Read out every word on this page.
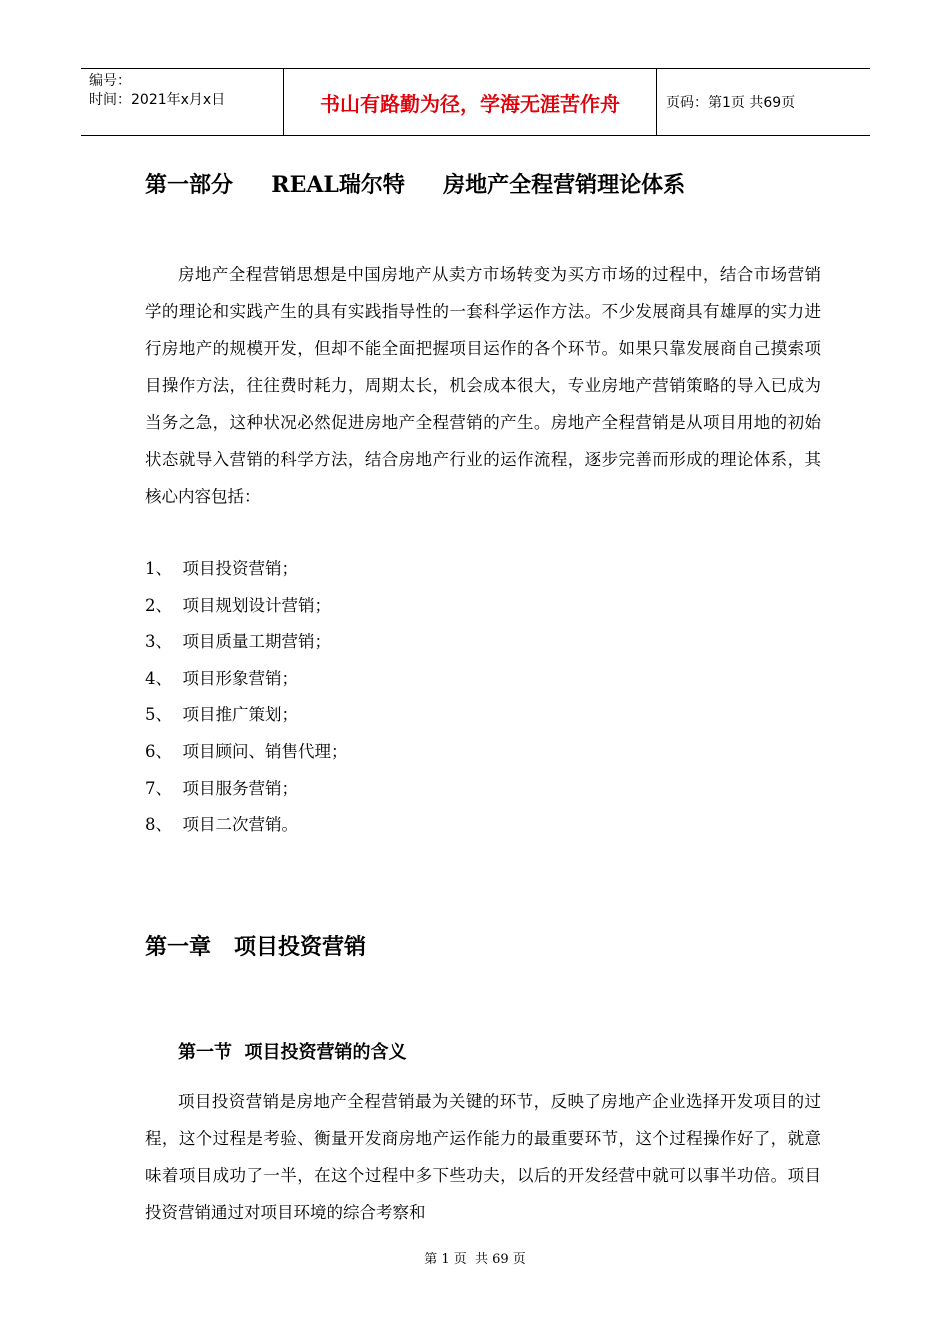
编号：
时间：2021年x月x日	书山有路勤为径，学海无涯苦作舟	页码：第1页 共69页
第一部分     REAL瑞尔特     房地产全程营销理论体系

房地产全程营销思想是中国房地产从卖方市场转变为买方市场的过程中，结合市场营销学的理论和实践产生的具有实践指导性的一套科学运作方法。不少发展商具有雄厚的实力进行房地产的规模开发，但却不能全面把握项目运作的各个环节。如果只靠发展商自己摸索项目操作方法，往往费时耗力，周期太长，机会成本很大，专业房地产营销策略的导入已成为当务之急，这种状况必然促进房地产全程营销的产生。房地产全程营销是从项目用地的初始状态就导入营销的科学方法，结合房地产行业的运作流程，逐步完善而形成的理论体系，其核心内容包括：

1、  项目投资营销；
2、  项目规划设计营销；
3、  项目质量工期营销；
4、  项目形象营销；
5、  项目推广策划；
6、  项目顾问、销售代理；
7、  项目服务营销；
8、  项目二次营销。
第一章   项目投资营销
第一节  项目投资营销的含义

项目投资营销是房地产全程营销最为关键的环节，反映了房地产企业选择开发项目的过程，这个过程是考验、衡量开发商房地产运作能力的最重要环节，这个过程操作好了，就意味着项目成功了一半，在这个过程中多下些功夫，以后的开发经营中就可以事半功倍。项目投资营销通过对项目环境的综合考察和

第 1 页  共 69 页
